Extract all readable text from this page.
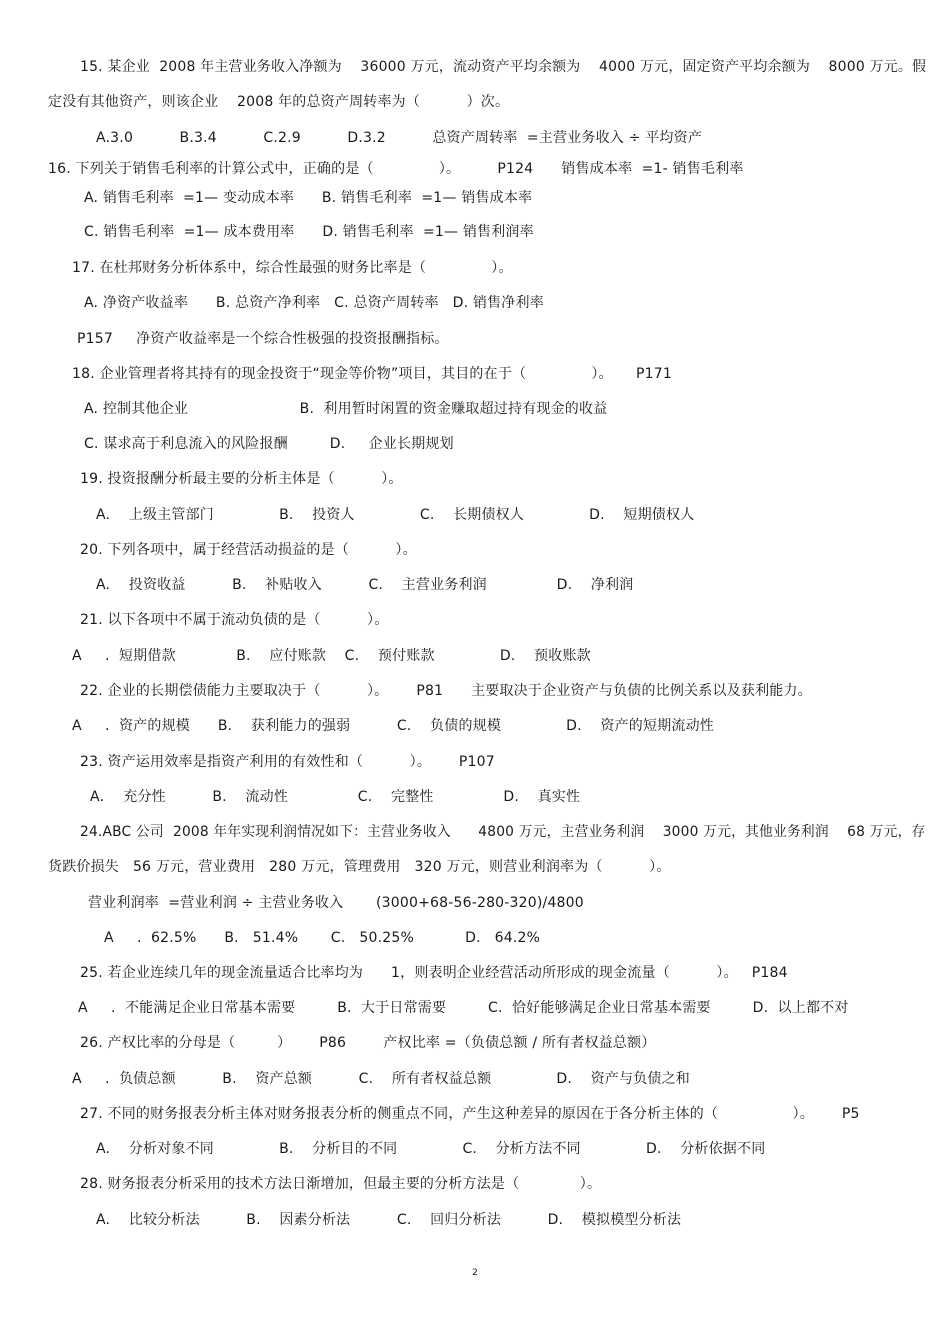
15. 某企业  2008 年主营业务收入净额为    36000 万元，流动资产平均余额为    4000 万元，固定资产平均余额为    8000 万元。假
定没有其他资产，则该企业    2008 年的总资产周转率为（          ）次。
A.3.0          B.3.4          C.2.9          D.3.2          总资产周转率  =主营业务收入 ÷ 平均资产
16. 下列关于销售毛利率的计算公式中，正确的是（              ）。        P124      销售成本率  =1- 销售毛利率
A. 销售毛利率  =1— 变动成本率      B. 销售毛利率  =1— 销售成本率
C. 销售毛利率  =1— 成本费用率      D. 销售毛利率  =1— 销售利润率
17. 在杜邦财务分析体系中，综合性最强的财务比率是（              ）。
A. 净资产收益率      B. 总资产净利率   C. 总资产周转率   D. 销售净利率
P157     净资产收益率是一个综合性极强的投资报酬指标。
18. 企业管理者将其持有的现金投资于“现金等价物”项目，其目的在于（              ）。     P171
A. 控制其他企业                        B.  利用暂时闲置的资金赚取超过持有现金的收益
C. 谋求高于利息流入的风险报酬         D.     企业长期规划
19. 投资报酬分析最主要的分析主体是（          ）。
A.    上级主管部门              B.    投资人              C.    长期债权人              D.    短期债权人
20. 下列各项中，属于经营活动损益的是（          ）。
A.    投资收益          B.    补贴收入          C.    主营业务利润               D.    净利润
21. 以下各项中不属于流动负债的是（          ）。
A     .  短期借款             B.    应付账款    C.    预付账款              D.    预收账款
22. 企业的长期偿债能力主要取决于（          ）。      P81      主要取决于企业资产与负债的比例关系以及获利能力。
A     .  资产的规模      B.    获利能力的强弱          C.    负债的规模              D.    资产的短期流动性
23. 资产运用效率是指资产利用的有效性和（          ）。      P107
A．  充分性          B.    流动性               C.    完整性               D.    真实性
24.ABC 公司  2008 年年实现利润情况如下：主营业务收入      4800 万元，主营业务利润    3000 万元，其他业务利润    68 万元，存
货跌价损失   56 万元，营业费用   280 万元，管理费用   320 万元，则营业利润率为（          ）。
营业利润率  =营业利润 ÷ 主营业务收入       (3000+68-56-280-320)/4800
A     .  62.5%      B.   51.4%       C.   50.25%           D.   64.2%
25. 若企业连续几年的现金流量适合比率均为      1，则表明企业经营活动所形成的现金流量（          ）。   P184
A     .  不能满足企业日常基本需要         B.  大于日常需要         C.  恰好能够满足企业日常基本需要         D.  以上都不对
26. 产权比率的分母是（         ）      P86        产权比率 =（负债总额 / 所有者权益总额）
A     .  负债总额          B.    资产总额          C.    所有者权益总额              D.    资产与负债之和
27. 不同的财务报表分析主体对财务报表分析的侧重点不同，产生这种差异的原因在于各分析主体的（                ）。      P5
A.    分析对象不同              B.    分析目的不同              C.    分析方法不同              D.    分析依据不同
28. 财务报表分析采用的技术方法日渐增加，但最主要的分析方法是（             ）。
A.    比较分析法          B.    因素分析法          C.    回归分析法          D.    模拟模型分析法
2
